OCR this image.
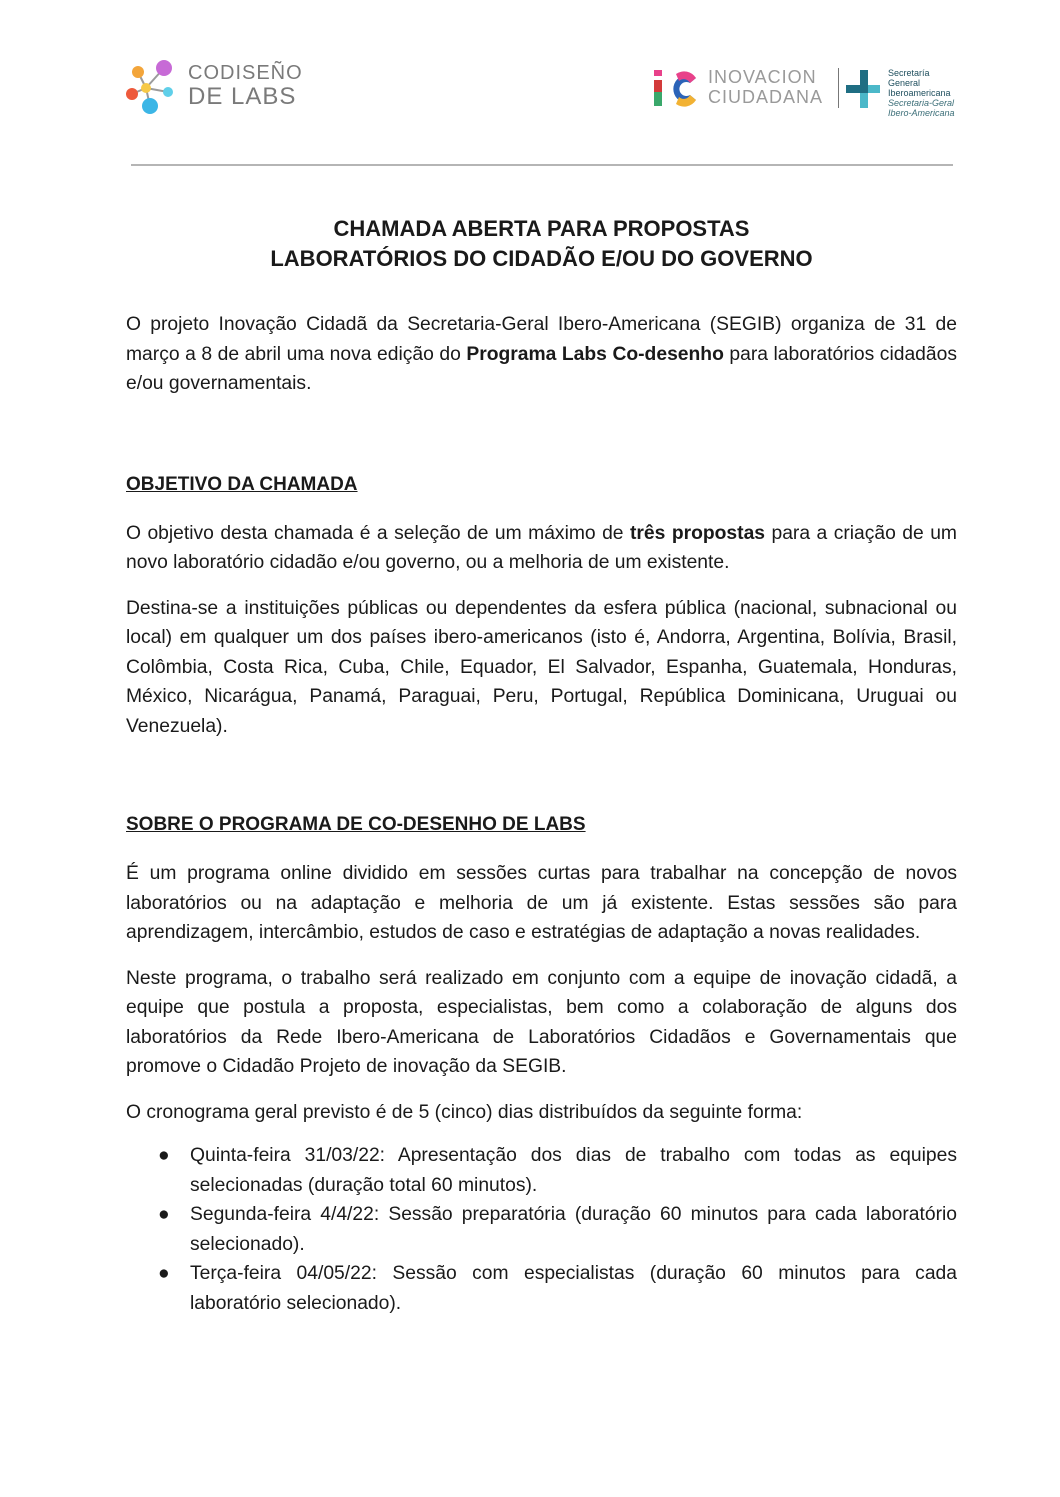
CODISEÑO
DE LABS
INOVACION
CIUDADANA
Secretaría General
Iberoamericana
Secretaria-Geral
Ibero-Americana
CHAMADA ABERTA PARA PROPOSTAS
LABORATÓRIOS DO CIDADÃO E/OU DO GOVERNO

O projeto Inovação Cidadã da Secretaria-Geral Ibero-Americana (SEGIB) organiza de 31 de março a 8 de abril uma nova edição do Programa Labs Co-desenho para laboratórios cidadãos e/ou governamentais.

OBJETIVO DA CHAMADA

O objetivo desta chamada é a seleção de um máximo de três propostas para a criação de um novo laboratório cidadão e/ou governo, ou a melhoria de um existente.

Destina-se a instituições públicas ou dependentes da esfera pública (nacional, subnacional ou local) em qualquer um dos países ibero-americanos (isto é, Andorra, Argentina, Bolívia, Brasil, Colômbia, Costa Rica, Cuba, Chile, Equador, El Salvador, Espanha, Guatemala, Honduras, México, Nicarágua, Panamá, Paraguai, Peru, Portugal, República Dominicana, Uruguai ou Venezuela).

SOBRE O PROGRAMA DE CO-DESENHO DE LABS

É um programa online dividido em sessões curtas para trabalhar na concepção de novos laboratórios ou na adaptação e melhoria de um já existente. Estas sessões são para aprendizagem, intercâmbio, estudos de caso e estratégias de adaptação a novas realidades.

Neste programa, o trabalho será realizado em conjunto com a equipe de inovação cidadã, a equipe que postula a proposta, especialistas, bem como a colaboração de alguns dos laboratórios da Rede Ibero-Americana de Laboratórios Cidadãos e Governamentais que promove o Cidadão Projeto de inovação da SEGIB.

O cronograma geral previsto é de 5 (cinco) dias distribuídos da seguinte forma:

● Quinta-feira 31/03/22: Apresentação dos dias de trabalho com todas as equipes selecionadas (duração total 60 minutos).
● Segunda-feira 4/4/22: Sessão preparatória (duração 60 minutos para cada laboratório selecionado).
● Terça-feira 04/05/22: Sessão com especialistas (duração 60 minutos para cada laboratório selecionado).
